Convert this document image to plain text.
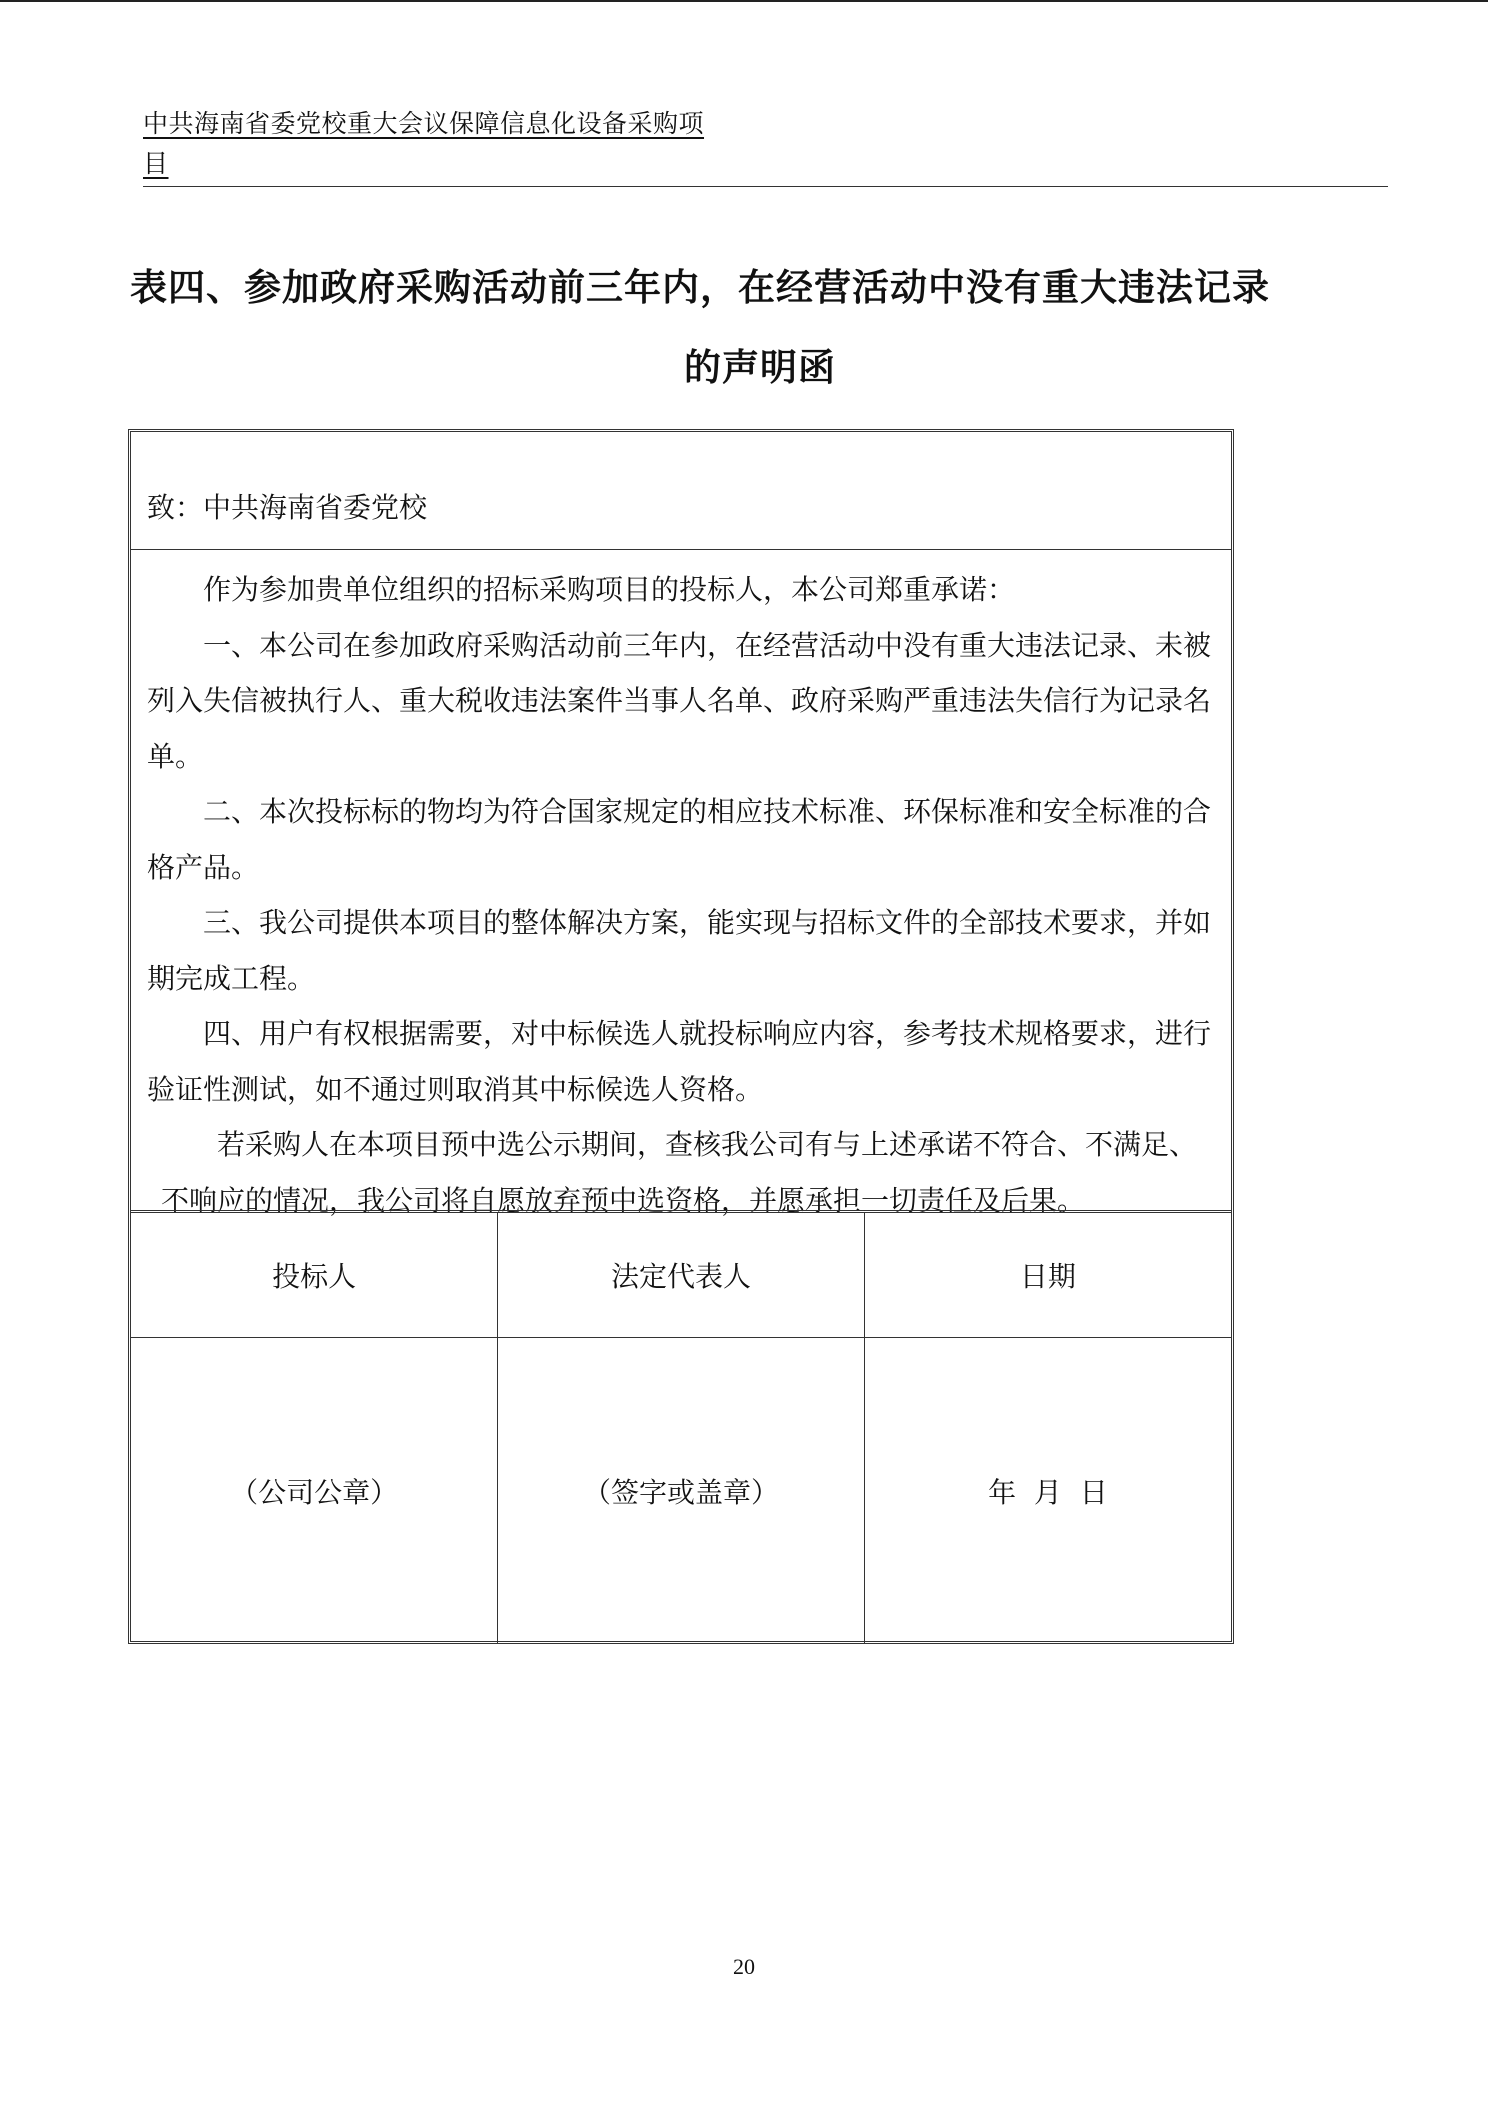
中共海南省委党校重大会议保障信息化设备采购项
目
表四、参加政府采购活动前三年内，在经营活动中没有重大违法记录
的声明函
致：中共海南省委党校

作为参加贵单位组织的招标采购项目的投标人，本公司郑重承诺：

一、本公司在参加政府采购活动前三年内，在经营活动中没有重大违法记录、未被列入失信被执行人、重大税收违法案件当事人名单、政府采购严重违法失信行为记录名单。

二、本次投标标的物均为符合国家规定的相应技术标准、环保标准和安全标准的合格产品。

三、我公司提供本项目的整体解决方案，能实现与招标文件的全部技术要求，并如期完成工程。

四、用户有权根据需要，对中标候选人就投标响应内容，参考技术规格要求，进行验证性测试，如不通过则取消其中标候选人资格。

若采购人在本项目预中选公示期间，查核我公司有与上述承诺不符合、不满足、不响应的情况，我公司将自愿放弃预中选资格，并愿承担一切责任及后果。

投标人	法定代表人	日期
（公司公章）	（签字或盖章）	年  月  日
20
